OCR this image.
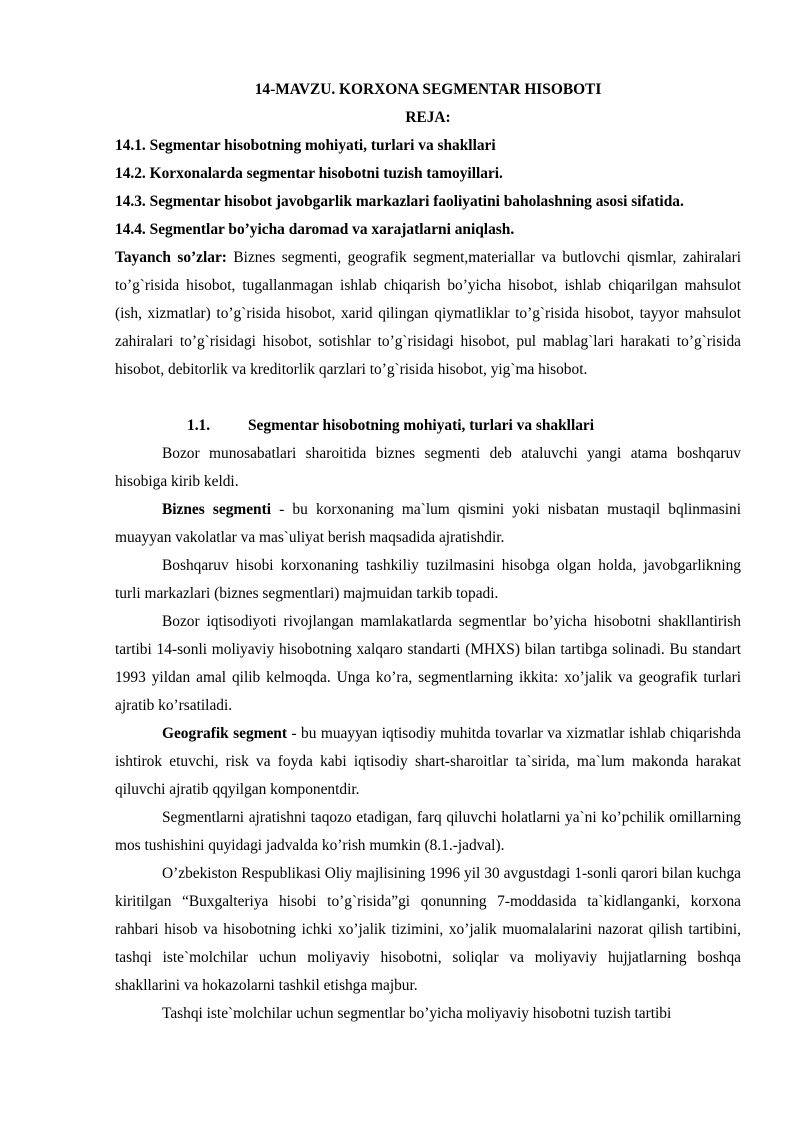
14-MAVZU. KORXONA SEGMENTAR HISOBOTI
REJA:

14.1. Segmentar hisobotning mohiyati, turlari va shakllari

14.2. Korxonalarda segmentar hisobotni tuzish tamoyillari.

14.3. Segmentar hisobot javobgarlik markazlari faoliyatini baholashning asosi sifatida.

14.4. Segmentlar bo’yicha daromad va xarajatlarni aniqlash.

Tayanch so’zlar: Biznes segmenti, geografik segment,materiallar va butlovchi qismlar, zahiralari to’g`risida hisobot, tugallanmagan ishlab chiqarish bo’yicha hisobot, ishlab chiqarilgan mahsulot (ish, xizmatlar) to’g`risida hisobot, xarid qilingan qiymatliklar to’g`risida hisobot, tayyor mahsulot zahiralari to’g`risidagi hisobot, sotishlar to’g`risidagi hisobot, pul mablag`lari harakati to’g`risida hisobot, debitorlik va kreditorlik qarzlari to’g`risida hisobot, yig`ma hisobot.

1.1. Segmentar hisobotning mohiyati, turlari va shakllari

Bozor munosabatlari sharoitida biznes segmenti deb ataluvchi yangi atama boshqaruv hisobiga kirib keldi.

Biznes segmenti - bu korxonaning ma`lum qismini yoki nisbatan mustaqil bqlinmasini muayyan vakolatlar va mas`uliyat berish maqsadida ajratishdir.

Boshqaruv hisobi korxonaning tashkiliy tuzilmasini hisobga olgan holda, javobgarlikning turli markazlari (biznes segmentlari) majmuidan tarkib topadi.

Bozor iqtisodiyoti rivojlangan mamlakatlarda segmentlar bo’yicha hisobotni shakllantirish tartibi 14-sonli moliyaviy hisobotning xalqaro standarti (MHXS) bilan tartibga solinadi. Bu standart 1993 yildan amal qilib kelmoqda. Unga ko’ra, segmentlarning ikkita: xo’jalik va geografik turlari ajratib ko’rsatiladi.

Geografik segment - bu muayyan iqtisodiy muhitda tovarlar va xizmatlar ishlab chiqarishda ishtirok etuvchi, risk va foyda kabi iqtisodiy shart-sharoitlar ta`sirida, ma`lum makonda harakat qiluvchi ajratib qqyilgan komponentdir.

Segmentlarni ajratishni taqozo etadigan, farq qiluvchi holatlarni ya`ni ko’pchilik omillarning mos tushishini quyidagi jadvalda ko’rish mumkin (8.1.-jadval).

O’zbekiston Respublikasi Oliy majlisining 1996 yil 30 avgustdagi 1-sonli qarori bilan kuchga kiritilgan “Buxgalteriya hisobi to’g`risida”gi qonunning 7-moddasida ta`kidlanganki, korxona rahbari hisob va hisobotning ichki xo’jalik tizimini, xo’jalik muomalalarini nazorat qilish tartibini, tashqi iste`molchilar uchun moliyaviy hisobotni, soliqlar va moliyaviy hujjatlarning boshqa shakllarini va hokazolarni tashkil etishga majbur.

Tashqi iste`molchilar uchun segmentlar bo’yicha moliyaviy hisobotni tuzish tartibi
